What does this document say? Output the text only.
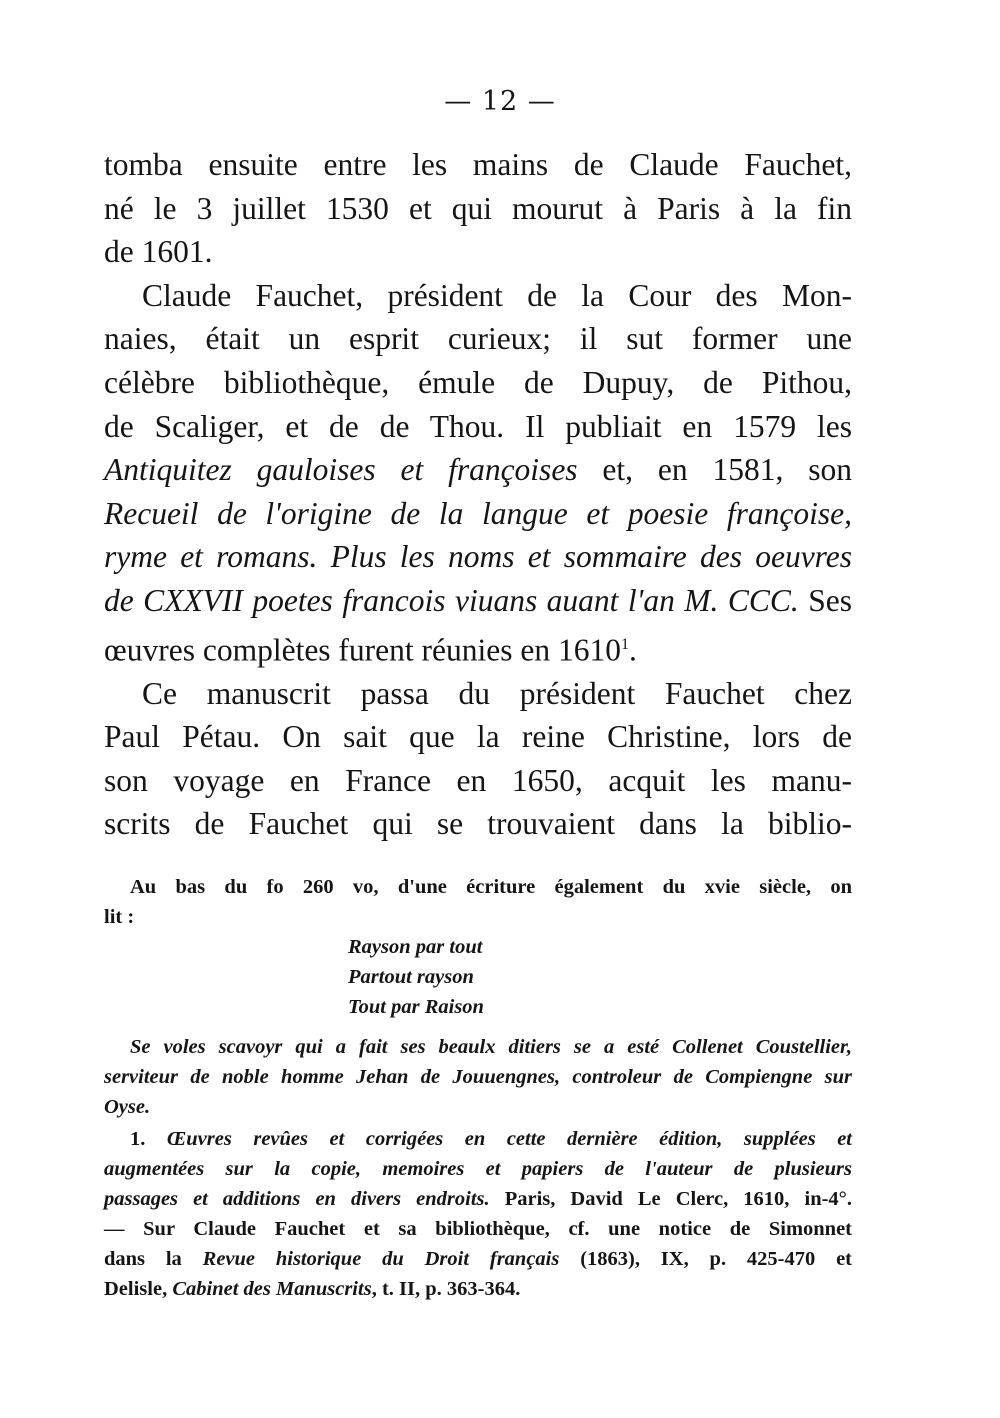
— 12 —
tomba ensuite entre les mains de Claude Fauchet,
né le 3 juillet 1530 et qui mourut à Paris à la fin
de 1601.
Claude Fauchet, président de la Cour des Mon-
naies, était un esprit curieux; il sut former une
célèbre bibliothèque, émule de Dupuy, de Pithou,
de Scaliger, et de de Thou. Il publiait en 1579 les
Antiquitez gauloises et françoises et, en 1581, son
Recueil de l'origine de la langue et poesie françoise,
ryme et romans. Plus les noms et sommaire des oeuvres
de CXXVII poetes francois viuans auant l'an M. CCC. Ses
œuvres complètes furent réunies en 1610$^1$.
Ce manuscrit passa du président Fauchet chez
Paul Pétau. On sait que la reine Christine, lors de
son voyage en France en 1650, acquit les manu-
scrits de Fauchet qui se trouvaient dans la biblio-
Au bas du fo 260 vo, d'une écriture également du xvie siècle, on
lit :
Rayson par tout
Partout rayson
Tout par Raison
Se voles scavoyr qui a fait ses beaulx ditiers se a esté Collenet Coustellier,
serviteur de noble homme Jehan de Jouuengnes, controleur de Compiengne sur
Oyse.
1. Œuvres revûes et corrigées en cette dernière édition, supplées et
augmentées sur la copie, memoires et papiers de l'auteur de plusieurs
passages et additions en divers endroits. Paris, David Le Clerc, 1610, in-4°.
— Sur Claude Fauchet et sa bibliothèque, cf. une notice de Simonnet
dans la Revue historique du Droit français (1863), IX, p. 425-470 et
Delisle, Cabinet des Manuscrits, t. II, p. 363-364.
